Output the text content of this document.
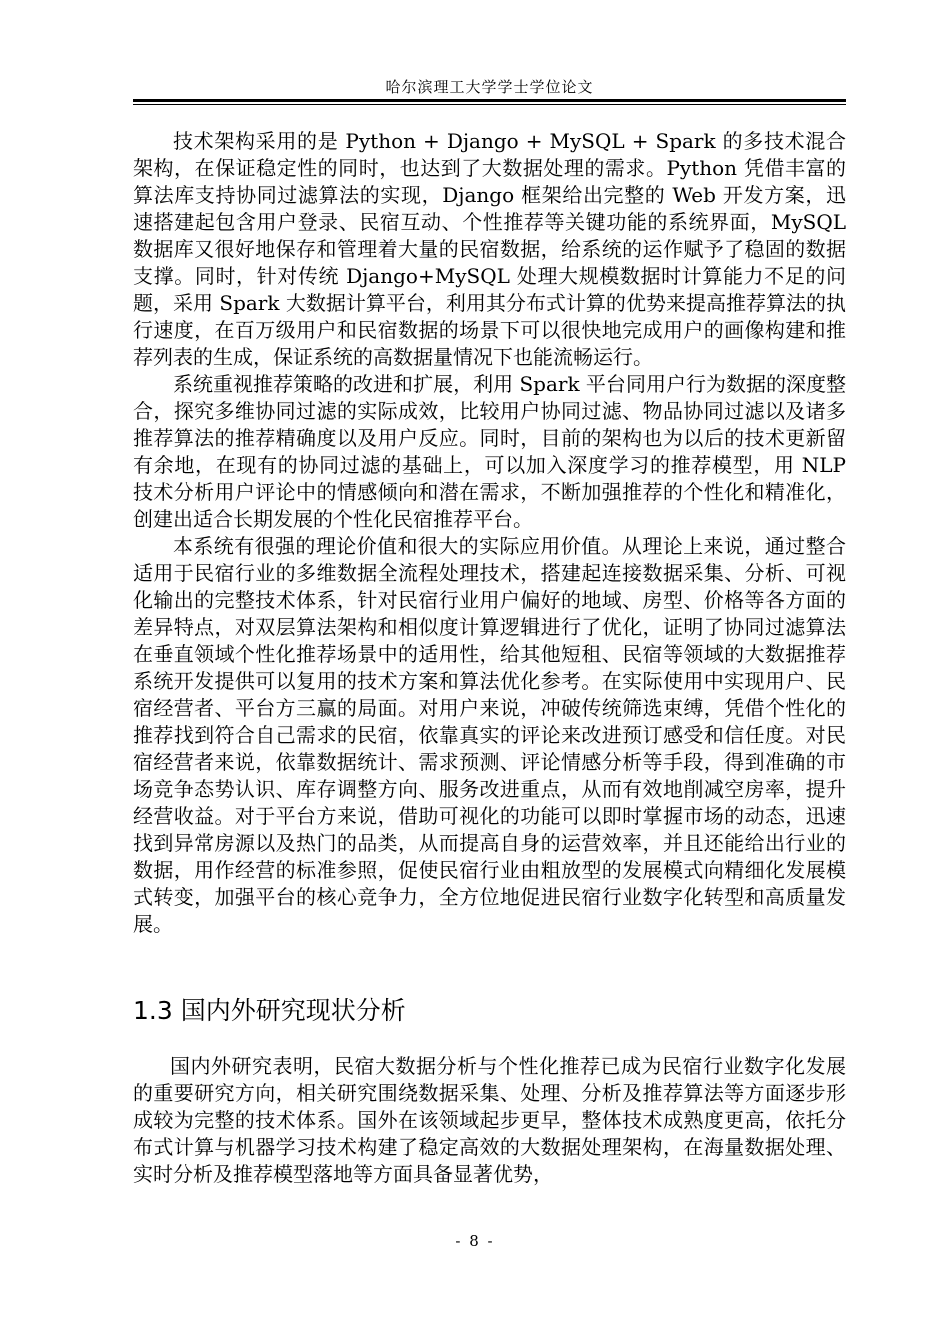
哈尔滨理工大学学士学位论文

技术架构采用的是 Python + Django + MySQL + Spark 的多技术混合架构，在保证稳定性的同时，也达到了大数据处理的需求。Python 凭借丰富的算法库支持协同过滤算法的实现，Django 框架给出完整的 Web 开发方案，迅速搭建起包含用户登录、民宿互动、个性推荐等关键功能的系统界面，MySQL 数据库又很好地保存和管理着大量的民宿数据，给系统的运作赋予了稳固的数据支撑。同时，针对传统 Django+MySQL 处理大规模数据时计算能力不足的问题，采用 Spark 大数据计算平台，利用其分布式计算的优势来提高推荐算法的执行速度，在百万级用户和民宿数据的场景下可以很快地完成用户的画像构建和推荐列表的生成，保证系统的高数据量情况下也能流畅运行。

系统重视推荐策略的改进和扩展，利用 Spark 平台同用户行为数据的深度整合，探究多维协同过滤的实际成效，比较用户协同过滤、物品协同过滤以及诸多推荐算法的推荐精确度以及用户反应。同时，目前的架构也为以后的技术更新留有余地，在现有的协同过滤的基础上，可以加入深度学习的推荐模型，用 NLP 技术分析用户评论中的情感倾向和潜在需求，不断加强推荐的个性化和精准化，创建出适合长期发展的个性化民宿推荐平台。

本系统有很强的理论价值和很大的实际应用价值。从理论上来说，通过整合适用于民宿行业的多维数据全流程处理技术，搭建起连接数据采集、分析、可视化输出的完整技术体系，针对民宿行业用户偏好的地域、房型、价格等各方面的差异特点，对双层算法架构和相似度计算逻辑进行了优化，证明了协同过滤算法在垂直领域个性化推荐场景中的适用性，给其他短租、民宿等领域的大数据推荐系统开发提供可以复用的技术方案和算法优化参考。在实际使用中实现用户、民宿经营者、平台方三赢的局面。对用户来说，冲破传统筛选束缚，凭借个性化的推荐找到符合自己需求的民宿，依靠真实的评论来改进预订感受和信任度。对民宿经营者来说，依靠数据统计、需求预测、评论情感分析等手段，得到准确的市场竞争态势认识、库存调整方向、服务改进重点，从而有效地削减空房率，提升经营收益。对于平台方来说，借助可视化的功能可以即时掌握市场的动态，迅速找到异常房源以及热门的品类，从而提高自身的运营效率，并且还能给出行业的数据，用作经营的标准参照，促使民宿行业由粗放型的发展模式向精细化发展模式转变，加强平台的核心竞争力，全方位地促进民宿行业数字化转型和高质量发展。

1.3 国内外研究现状分析

国内外研究表明，民宿大数据分析与个性化推荐已成为民宿行业数字化发展的重要研究方向，相关研究围绕数据采集、处理、分析及推荐算法等方面逐步形成较为完整的技术体系。国外在该领域起步更早，整体技术成熟度更高，依托分布式计算与机器学习技术构建了稳定高效的大数据处理架构，在海量数据处理、实时分析及推荐模型落地等方面具备显著优势，

- 8 -
